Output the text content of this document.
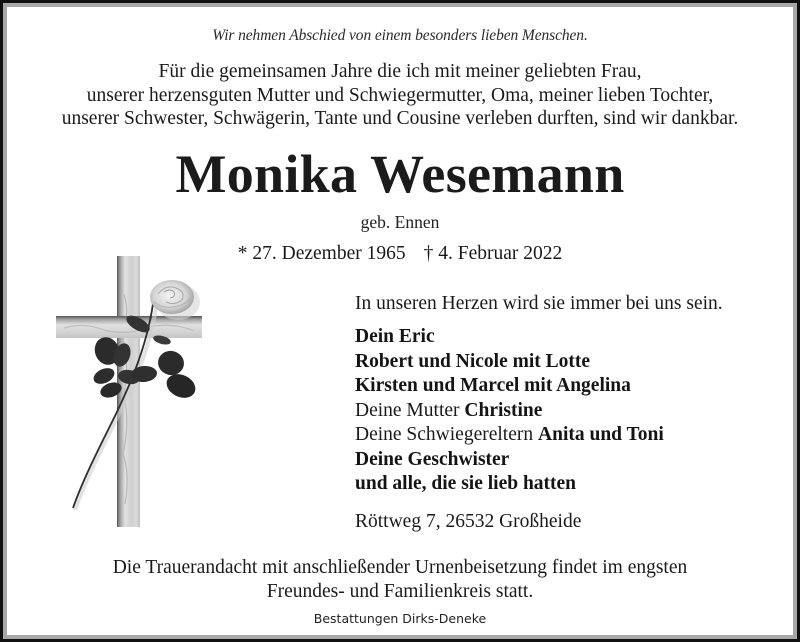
Wir nehmen Abschied von einem besonders lieben Menschen.
Für die gemeinsamen Jahre die ich mit meiner geliebten Frau,
unserer herzensguten Mutter und Schwiegermutter, Oma, meiner lieben Tochter,
unserer Schwester, Schwägerin, Tante und Cousine verleben durften, sind wir dankbar.
Monika Wesemann
geb. Ennen
* 27. Dezember 1965 † 4. Februar 2022
In unseren Herzen wird sie immer bei uns sein.
Dein Eric
Robert und Nicole mit Lotte
Kirsten und Marcel mit Angelina
Deine Mutter Christine
Deine Schwiegereltern Anita und Toni
Deine Geschwister
und alle, die sie lieb hatten
Röttweg 7, 26532 Großheide
Die Trauerandacht mit anschließender Urnenbeisetzung findet im engsten
Freundes- und Familienkreis statt.
Bestattungen Dirks-Deneke
